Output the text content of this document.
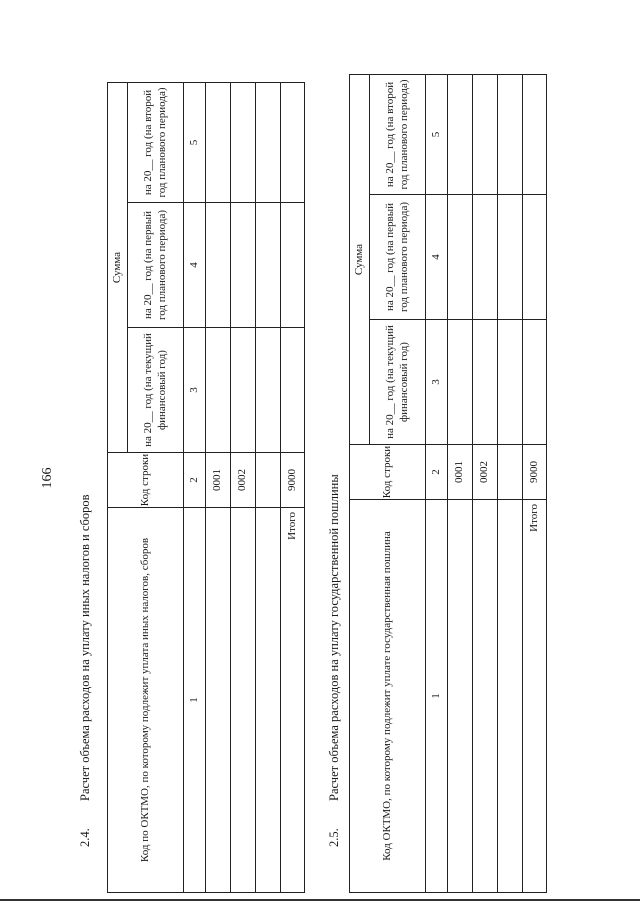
166
2.4.Расчет объема расходов на уплату иных налогов и сборов	Код по ОКТМО, по которому подлежит уплата иных налогов, сборов	Код строки	Сумма		
		на 20__ год (на текущий финансовый год)	на 20__ год (на первый год планового периода)	на 20__ год (на второй год планового периода)
1	2	3	4	5
	0001			
	0002			

Итого	9000			
2.5.Расчет объема расходов на уплату государственной пошлины	Код ОКТМО, по которому подлежит уплате государственная пошлина	Код строки	Сумма		
		на 20__ год (на текущий финансовый год)	на 20__ год (на первый год планового периода)	на 20__ год (на второй год планового периода)
1	2	3	4	5
	0001			
	0002			

Итого	9000			
